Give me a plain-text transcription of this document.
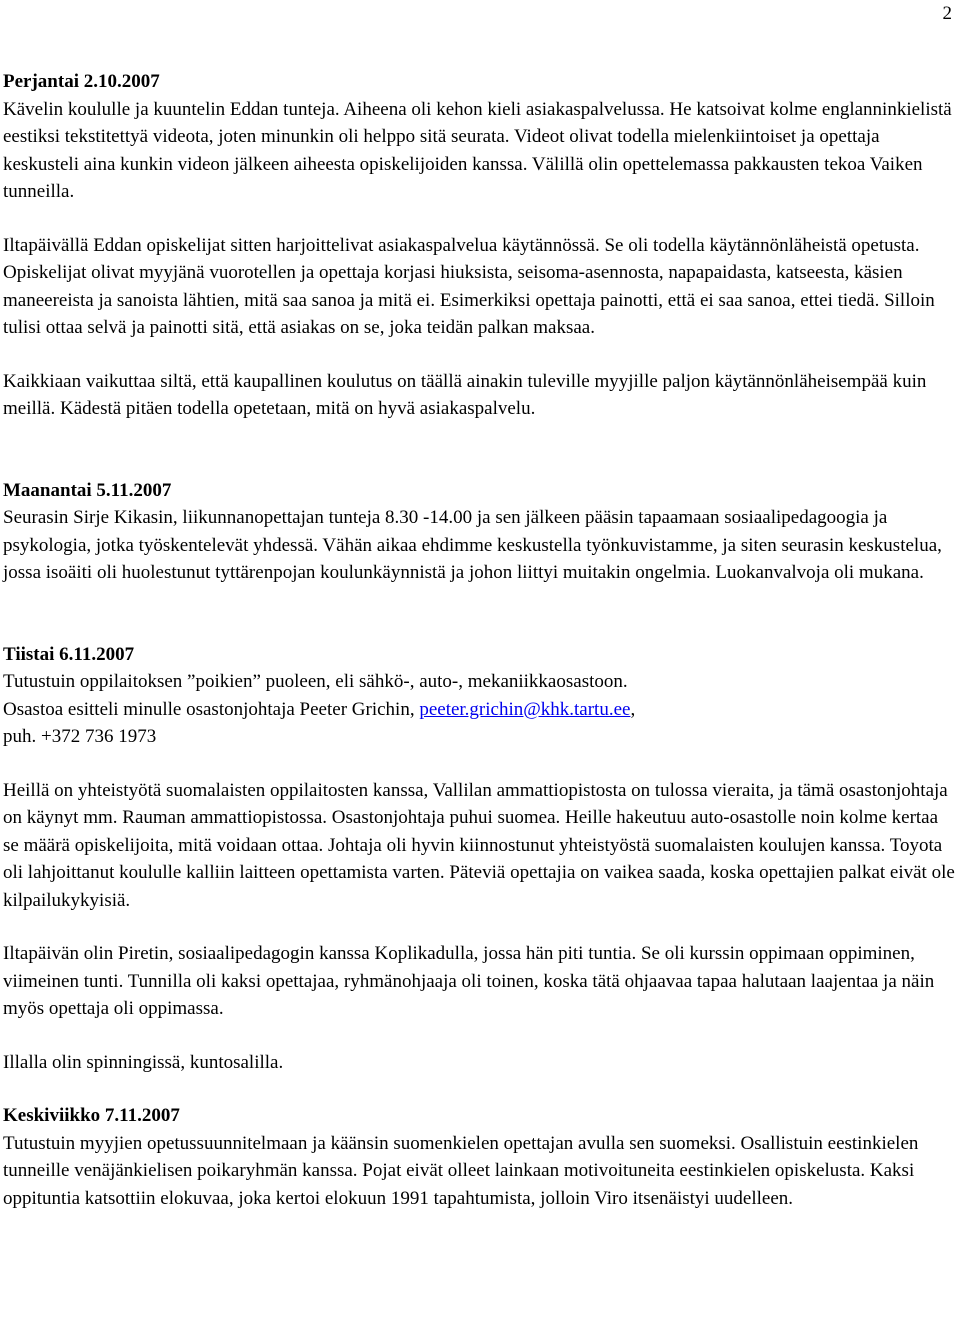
2
Perjantai 2.10.2007

Kävelin koululle ja kuuntelin Eddan tunteja. Aiheena oli kehon kieli asiakaspalvelussa. He katsoivat kolme englanninkielistä eestiksi tekstitettyä videota, joten minunkin oli helppo sitä seurata. Videot olivat todella mielenkiintoiset ja opettaja keskusteli aina kunkin videon jälkeen aiheesta opiskelijoiden kanssa. Välillä olin opettelemassa pakkausten tekoa Vaiken tunneilla.

Iltapäivällä Eddan opiskelijat sitten harjoittelivat asiakaspalvelua käytännössä. Se oli todella käytännönläheistä opetusta. Opiskelijat olivat myyjänä vuorotellen ja opettaja korjasi hiuksista, seisoma-asennosta, napapaidasta, katseesta, käsien maneereista ja sanoista lähtien, mitä saa sanoa ja mitä ei. Esimerkiksi opettaja painotti, että ei saa sanoa, ettei tiedä. Silloin tulisi ottaa selvä ja painotti sitä, että asiakas on se, joka teidän palkan maksaa.

Kaikkiaan vaikuttaa siltä, että kaupallinen koulutus on täällä ainakin tuleville myyjille paljon käytännönläheisempää kuin meillä. Kädestä pitäen todella opetetaan, mitä on hyvä asiakaspalvelu.

Maanantai 5.11.2007

Seurasin Sirje Kikasin, liikunnanopettajan tunteja 8.30 -14.00 ja sen jälkeen pääsin tapaamaan sosiaalipedagoogia ja psykologia, jotka työskentelevät yhdessä. Vähän aikaa ehdimme keskustella työnkuvistamme, ja siten seurasin keskustelua, jossa isoäiti oli huolestunut tyttärenpojan koulunkäynnistä ja johon liittyi muitakin ongelmia. Luokanvalvoja oli mukana.

Tiistai 6.11.2007

Tutustuin oppilaitoksen ”poikien” puoleen, eli sähkö-, auto-, mekaniikkaosastoon.

Osastoa esitteli minulle osastonjohtaja Peeter Grichin, peeter.grichin@khk.tartu.ee,

puh. +372 736 1973

Heillä on yhteistyötä suomalaisten oppilaitosten kanssa, Vallilan ammattiopistosta on tulossa vieraita, ja tämä osastonjohtaja on käynyt mm. Rauman ammattiopistossa. Osastonjohtaja puhui suomea. Heille hakeutuu auto-osastolle noin kolme kertaa se määrä opiskelijoita, mitä voidaan ottaa. Johtaja oli hyvin kiinnostunut yhteistyöstä suomalaisten koulujen kanssa. Toyota oli lahjoittanut koululle kalliin laitteen opettamista varten. Päteviä opettajia on vaikea saada, koska opettajien palkat eivät ole kilpailukykyisiä.

Iltapäivän olin Piretin, sosiaalipedagogin kanssa Koplikadulla, jossa hän piti tuntia. Se oli kurssin oppimaan oppiminen, viimeinen tunti. Tunnilla oli kaksi opettajaa, ryhmänohjaaja oli toinen, koska tätä ohjaavaa tapaa halutaan laajentaa ja näin myös opettaja oli oppimassa.

Illalla olin spinningissä, kuntosalilla.

Keskiviikko 7.11.2007

Tutustuin myyjien opetussuunnitelmaan ja käänsin suomenkielen opettajan avulla sen suomeksi. Osallistuin eestinkielen tunneille venäjänkielisen poikaryhmän kanssa. Pojat eivät olleet lainkaan motivoituneita eestinkielen opiskelusta. Kaksi oppituntia katsottiin elokuvaa, joka kertoi elokuun 1991 tapahtumista, jolloin Viro itsenäistyi uudelleen.
